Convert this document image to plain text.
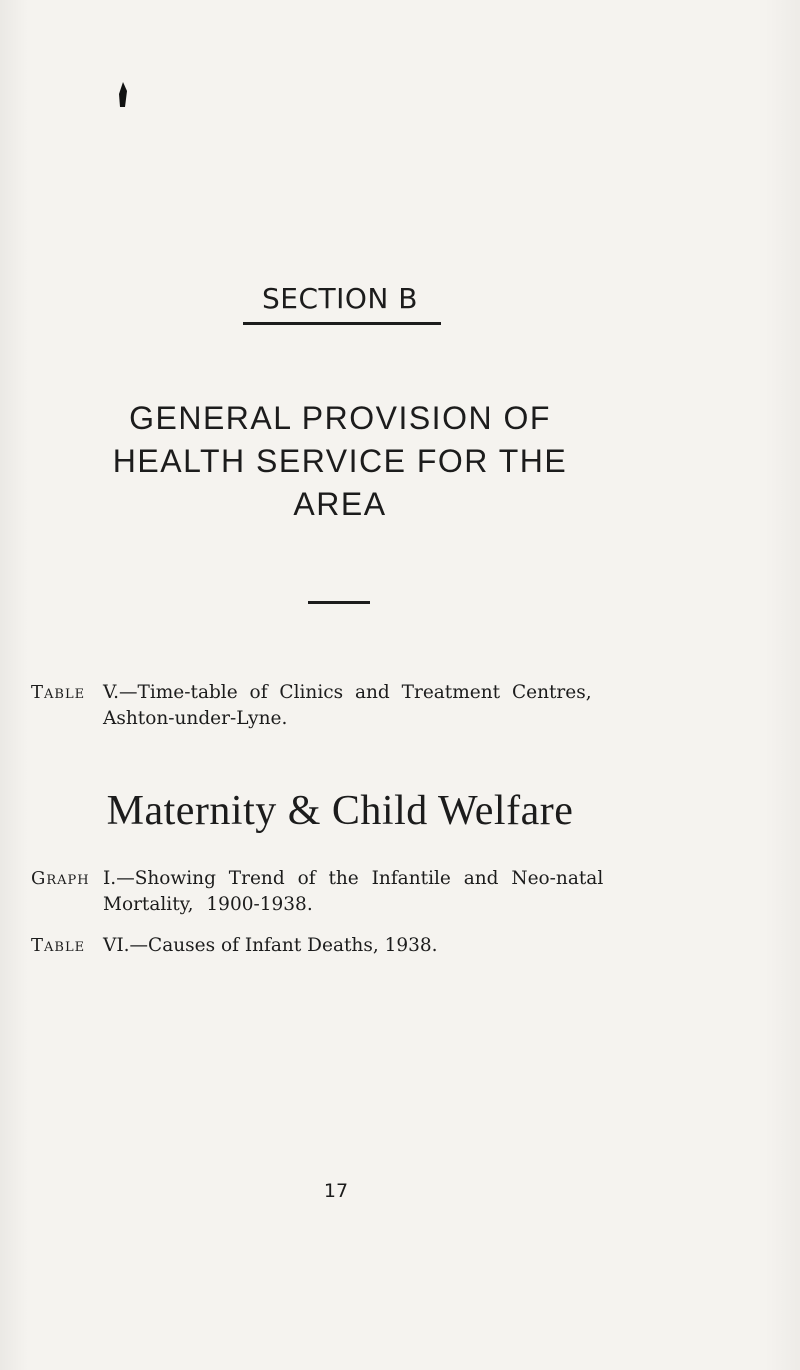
SECTION B
GENERAL PROVISION OF
HEALTH SERVICE FOR THE
AREA
Table V.—Time-table of Clinics and Treatment Centres,
Ashton-under-Lyne.
Maternity & Child Welfare
Graph I.—Showing Trend of the Infantile and Neo-natal
Mortality, 1900-1938.
Table VI.—Causes of Infant Deaths, 1938.
17
